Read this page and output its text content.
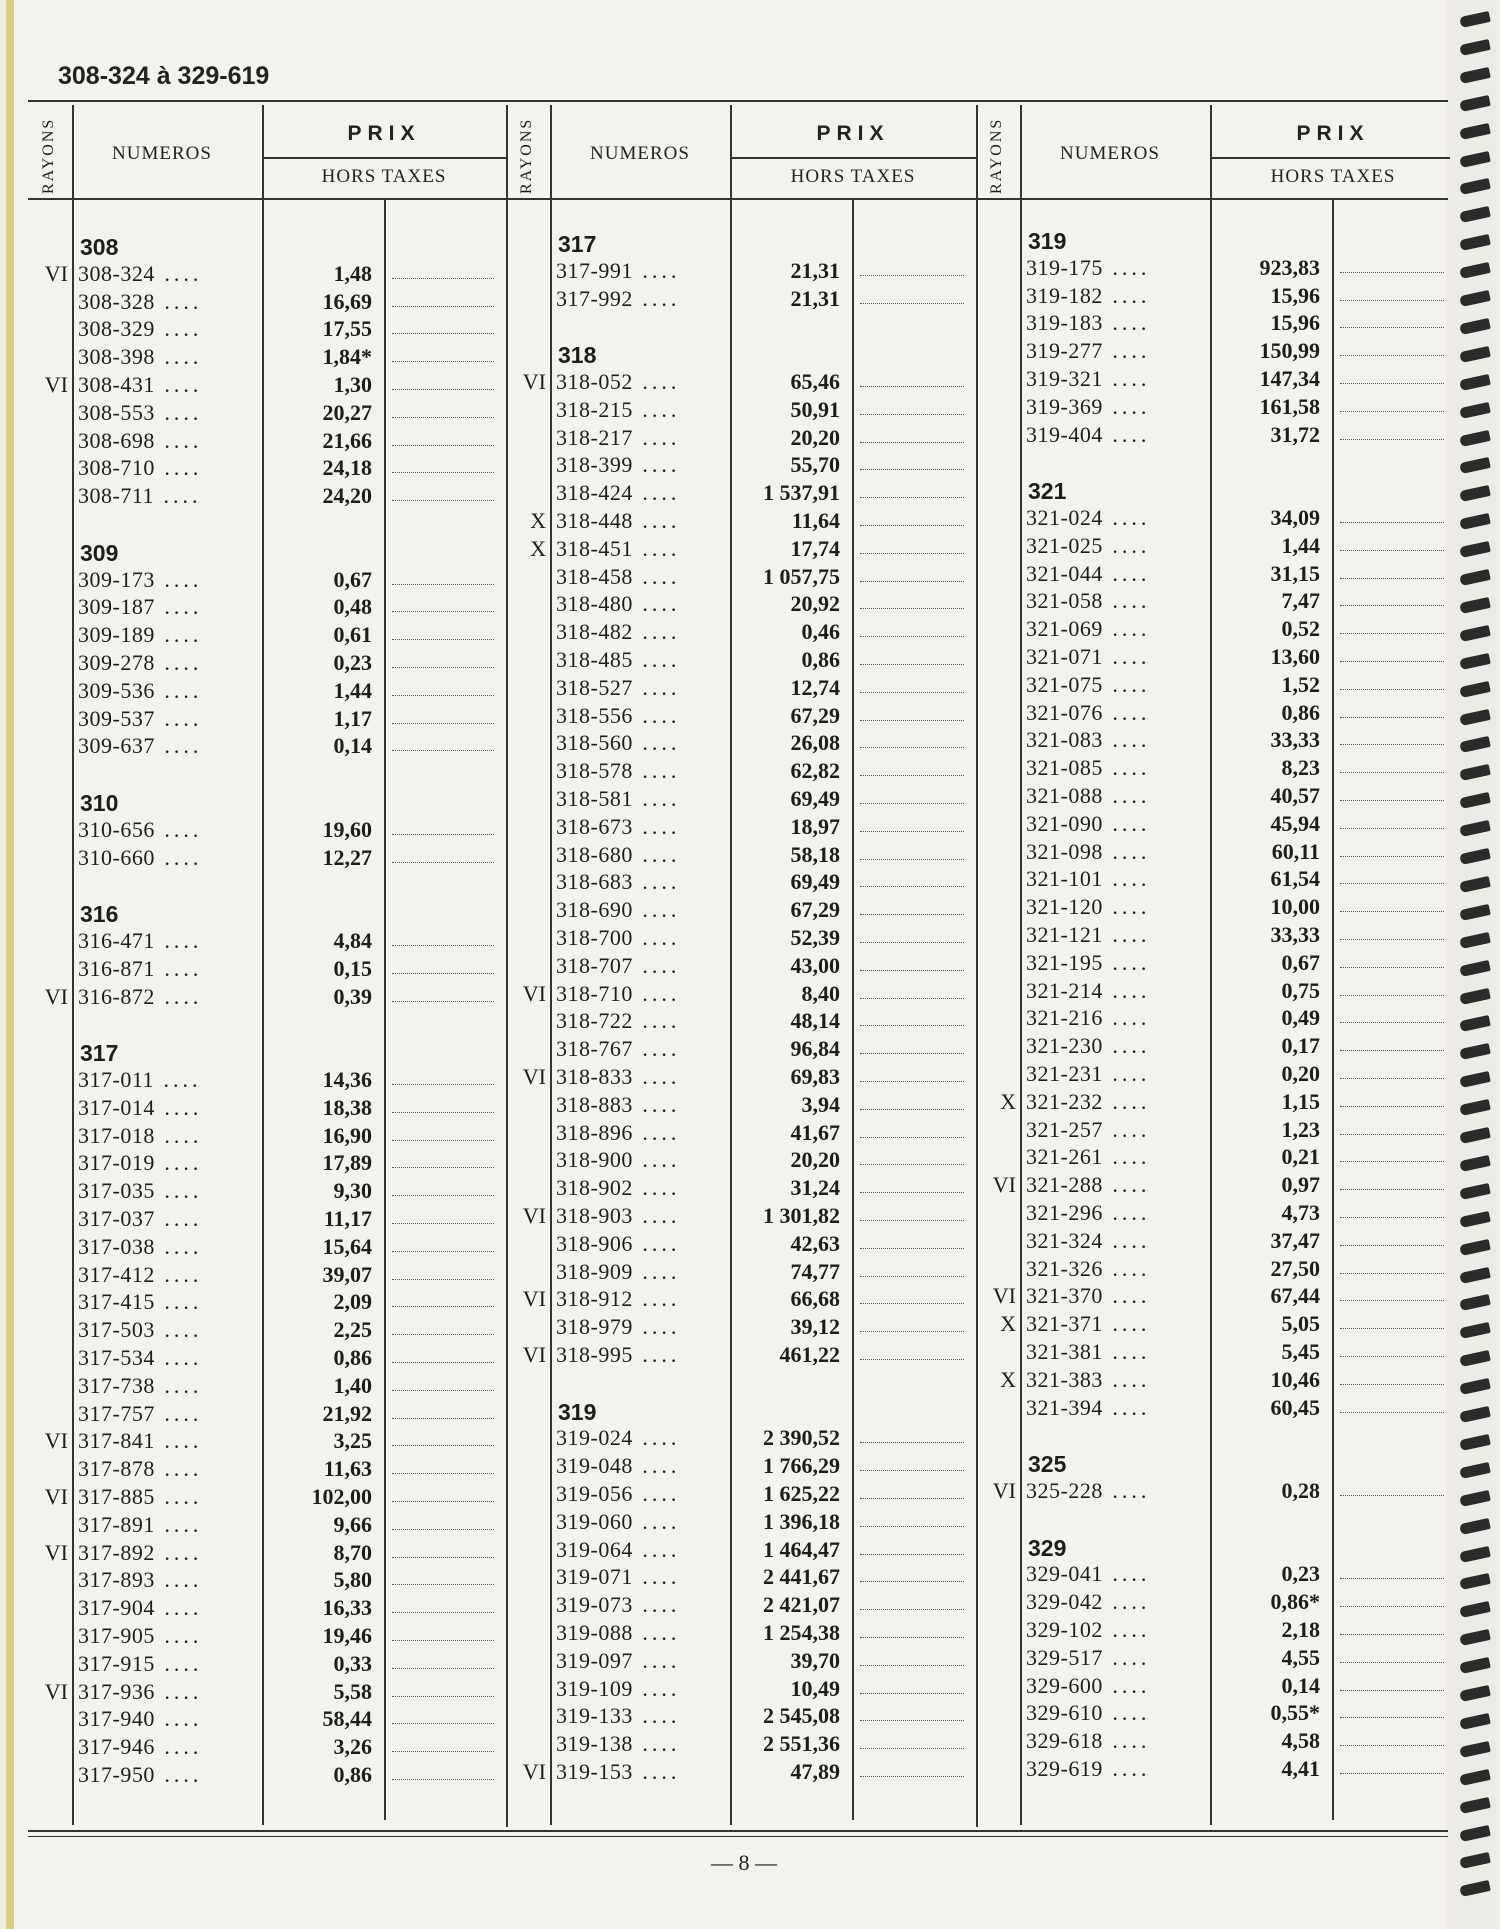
308-324 à 329-619
RAYONS	NUMEROS
PRIX
HORS TAXES
308
VI 308-324 ....	1,48
308-328 ....	16,69
308-329 ....	17,55
308-398 ....	1,84*
VI 308-431 ....	1,30
308-553 ....	20,27
308-698 ....	21,66
308-710 ....	24,18
308-711 ....	24,20
309
309-173 ....	0,67
309-187 ....	0,48
309-189 ....	0,61
309-278 ....	0,23
309-536 ....	1,44
309-537 ....	1,17
309-637 ....	0,14
310
310-656 ....	19,60
310-660 ....	12,27
316
316-471 ....	4,84
316-871 ....	0,15
VI 316-872 ....	0,39
317
317-011 ....	14,36
317-014 ....	18,38
317-018 ....	16,90
317-019 ....	17,89
317-035 ....	9,30
317-037 ....	11,17
317-038 ....	15,64
317-412 ....	39,07
317-415 ....	2,09
317-503 ....	2,25
317-534 ....	0,86
317-738 ....	1,40
317-757 ....	21,92
VI 317-841 ....	3,25
317-878 ....	11,63
VI 317-885 ....	102,00
317-891 ....	9,66
VI 317-892 ....	8,70
317-893 ....	5,80
317-904 ....	16,33
317-905 ....	19,46
317-915 ....	0,33
VI 317-936 ....	5,58
317-940 ....	58,44
317-946 ....	3,26
317-950 ....	0,86
RAYONS	NUMEROS
PRIX
HORS TAXES
317
317-991 ....	21,31
317-992 ....	21,31
318
VI 318-052 ....	65,46
318-215 ....	50,91
318-217 ....	20,20
318-399 ....	55,70
318-424 ....	1 537,91
X 318-448 ....	11,64
X 318-451 ....	17,74
318-458 ....	1 057,75
318-480 ....	20,92
318-482 ....	0,46
318-485 ....	0,86
318-527 ....	12,74
318-556 ....	67,29
318-560 ....	26,08
318-578 ....	62,82
318-581 ....	69,49
318-673 ....	18,97
318-680 ....	58,18
318-683 ....	69,49
318-690 ....	67,29
318-700 ....	52,39
318-707 ....	43,00
VI 318-710 ....	8,40
318-722 ....	48,14
318-767 ....	96,84
VI 318-833 ....	69,83
318-883 ....	3,94
318-896 ....	41,67
318-900 ....	20,20
318-902 ....	31,24
VI 318-903 ....	1 301,82
318-906 ....	42,63
318-909 ....	74,77
VI 318-912 ....	66,68
318-979 ....	39,12
VI 318-995 ....	461,22
319
319-024 ....	2 390,52
319-048 ....	1 766,29
319-056 ....	1 625,22
319-060 ....	1 396,18
319-064 ....	1 464,47
319-071 ....	2 441,67
319-073 ....	2 421,07
319-088 ....	1 254,38
319-097 ....	39,70
319-109 ....	10,49
319-133 ....	2 545,08
319-138 ....	2 551,36
VI 319-153 ....	47,89
RAYONS	NUMEROS
PRIX
HORS TAXES
319
319-175 ....	923,83
319-182 ....	15,96
319-183 ....	15,96
319-277 ....	150,99
319-321 ....	147,34
319-369 ....	161,58
319-404 ....	31,72
321
321-024 ....	34,09
321-025 ....	1,44
321-044 ....	31,15
321-058 ....	7,47
321-069 ....	0,52
321-071 ....	13,60
321-075 ....	1,52
321-076 ....	0,86
321-083 ....	33,33
321-085 ....	8,23
321-088 ....	40,57
321-090 ....	45,94
321-098 ....	60,11
321-101 ....	61,54
321-120 ....	10,00
321-121 ....	33,33
321-195 ....	0,67
321-214 ....	0,75
321-216 ....	0,49
321-230 ....	0,17
321-231 ....	0,20
X 321-232 ....	1,15
321-257 ....	1,23
321-261 ....	0,21
VI 321-288 ....	0,97
321-296 ....	4,73
321-324 ....	37,47
321-326 ....	27,50
VI 321-370 ....	67,44
X 321-371 ....	5,05
321-381 ....	5,45
X 321-383 ....	10,46
321-394 ....	60,45
325
VI 325-228 ....	0,28
329
329-041 ....	0,23
329-042 ....	0,86*
329-102 ....	2,18
329-517 ....	4,55
329-600 ....	0,14
329-610 ....	0,55*
329-618 ....	4,58
329-619 ....	4,41
— 8 —
